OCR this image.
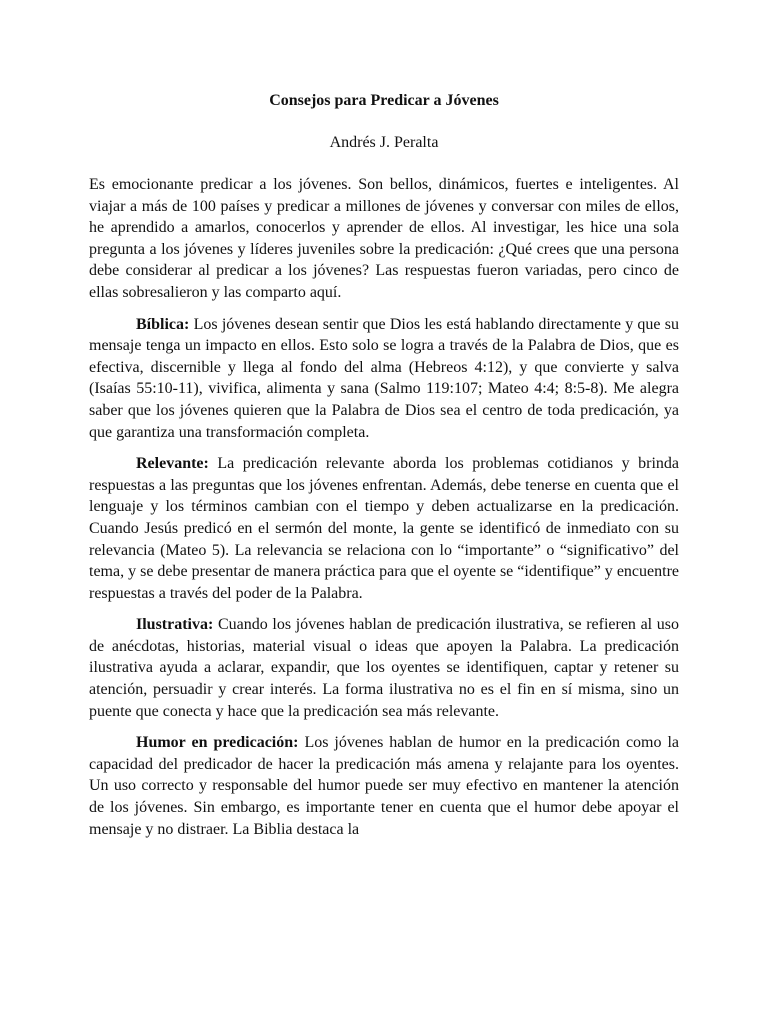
Consejos para Predicar a Jóvenes
Andrés J. Peralta

Es emocionante predicar a los jóvenes. Son bellos, dinámicos, fuertes e inteligentes. Al viajar a más de 100 países y predicar a millones de jóvenes y conversar con miles de ellos, he aprendido a amarlos, conocerlos y aprender de ellos. Al investigar, les hice una sola pregunta a los jóvenes y líderes juveniles sobre la predicación: ¿Qué crees que una persona debe considerar al predicar a los jóvenes? Las respuestas fueron variadas, pero cinco de ellas sobresalieron y las comparto aquí.

Bíblica: Los jóvenes desean sentir que Dios les está hablando directamente y que su mensaje tenga un impacto en ellos. Esto solo se logra a través de la Palabra de Dios, que es efectiva, discernible y llega al fondo del alma (Hebreos 4:12), y que convierte y salva (Isaías 55:10-11), vivifica, alimenta y sana (Salmo 119:107; Mateo 4:4; 8:5-8). Me alegra saber que los jóvenes quieren que la Palabra de Dios sea el centro de toda predicación, ya que garantiza una transformación completa.

Relevante: La predicación relevante aborda los problemas cotidianos y brinda respuestas a las preguntas que los jóvenes enfrentan. Además, debe tenerse en cuenta que el lenguaje y los términos cambian con el tiempo y deben actualizarse en la predicación. Cuando Jesús predicó en el sermón del monte, la gente se identificó de inmediato con su relevancia (Mateo 5). La relevancia se relaciona con lo “importante” o “significativo” del tema, y se debe presentar de manera práctica para que el oyente se “identifique” y encuentre respuestas a través del poder de la Palabra.

Ilustrativa: Cuando los jóvenes hablan de predicación ilustrativa, se refieren al uso de anécdotas, historias, material visual o ideas que apoyen la Palabra. La predicación ilustrativa ayuda a aclarar, expandir, que los oyentes se identifiquen, captar y retener su atención, persuadir y crear interés. La forma ilustrativa no es el fin en sí misma, sino un puente que conecta y hace que la predicación sea más relevante.

Humor en predicación: Los jóvenes hablan de humor en la predicación como la capacidad del predicador de hacer la predicación más amena y relajante para los oyentes. Un uso correcto y responsable del humor puede ser muy efectivo en mantener la atención de los jóvenes. Sin embargo, es importante tener en cuenta que el humor debe apoyar el mensaje y no distraer. La Biblia destaca la
